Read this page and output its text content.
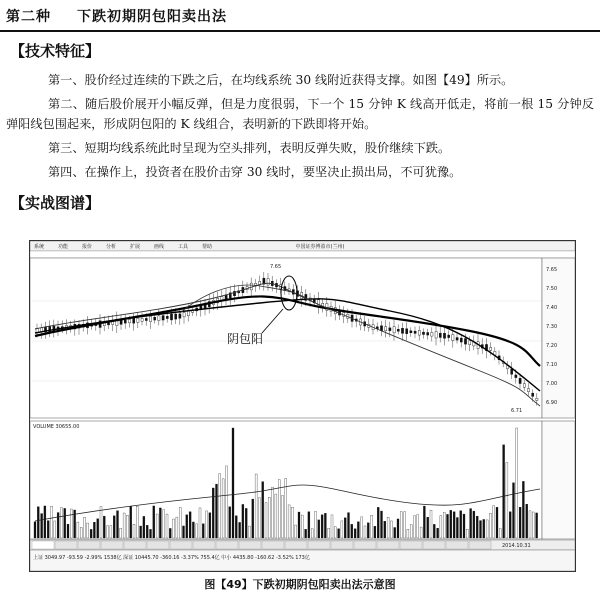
第二种 下跌初期阴包阳卖出法
【技术特征】
第一、股价经过连续的下跌之后，在均线系统 30 线附近获得支撑。如图【49】所示。
第二、随后股价展开小幅反弹，但是力度很弱，下一个 15 分钟 K 线高开低走，将前一根 15 分钟反弹阳线包围起来，形成阴包阳的 K 线组合，表明新的下跌即将开始。
第三、短期均线系统此时呈现为空头排列，表明反弹失败，股价继续下跌。
第四、在操作上，投资者在股价击穿 30 线时，要坚决止损出局，不可犹豫。
【实战图谱】
系统	功能	报价	分析	扩展	画线	工具	帮助	中国证券博盈市(兰州)
阴包阳
7.65
6.71
7.65
7.50
7.40
7.30
7.20
7.10
7.00
6.90
VOLUME 30655.00
2014.10.31
上证 3049.97 -93.59 -2.99% 1538亿 深证 10445.70 -360.16 -3.37% 755.4亿 中小 4435.80 -160.62 -3.52% 173亿
图【49】下跌初期阴包阳卖出法示意图
